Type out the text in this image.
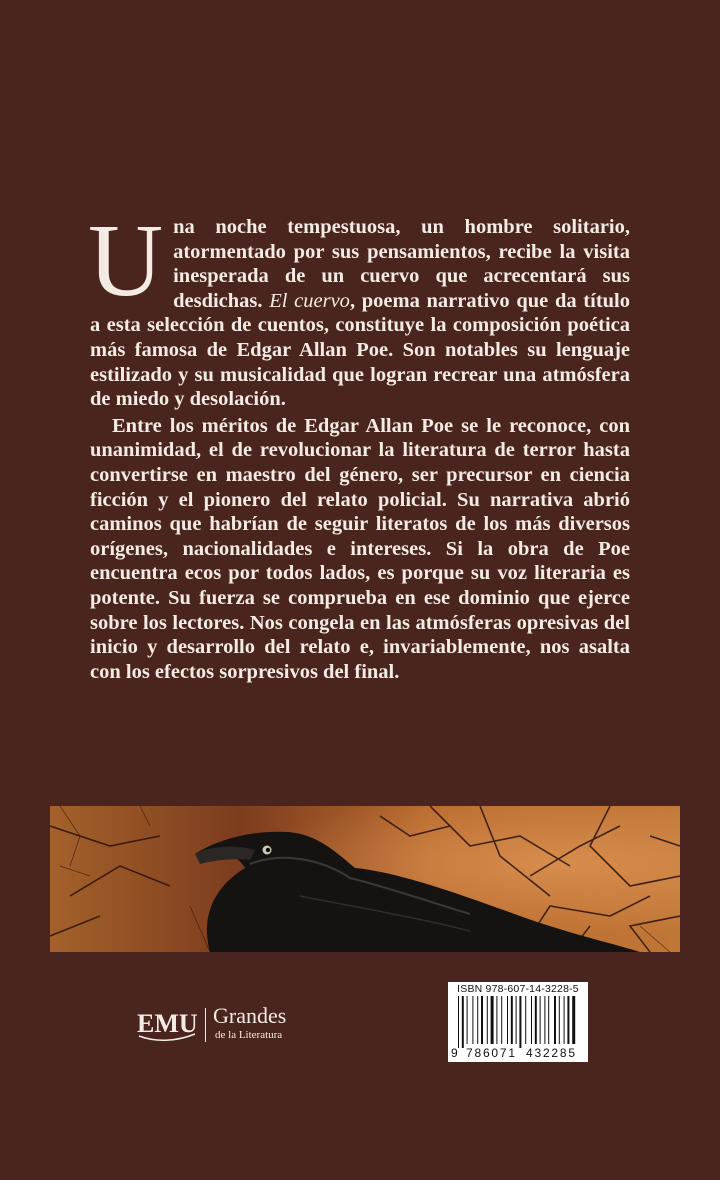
Una noche tempestuosa, un hombre solitario, atormentado por sus pensamientos, recibe la visita inesperada de un cuervo que acrecentará sus desdichas. El cuervo, poema narrativo que da título a esta selección de cuentos, constituye la composición poética más famosa de Edgar Allan Poe. Son notables su lenguaje estilizado y su musicalidad que logran recrear una atmósfera de miedo y desolación.

Entre los méritos de Edgar Allan Poe se le reconoce, con unanimidad, el de revolucionar la literatura de terror hasta convertirse en maestro del género, ser precursor en ciencia ficción y el pionero del relato policial. Su narrativa abrió caminos que habrían de seguir literatos de los más diversos orígenes, nacionalidades e intereses. Si la obra de Poe encuentra ecos por todos lados, es porque su voz literaria es potente. Su fuerza se comprueba en ese dominio que ejerce sobre los lectores. Nos congela en las atmósferas opresivas del inicio y desarrollo del relato e, invariablemente, nos asalta con los efectos sorpresivos del final.

EMU Grandes
de la Literatura
ISBN 978-607-14-3228-5
9 786071 432285
